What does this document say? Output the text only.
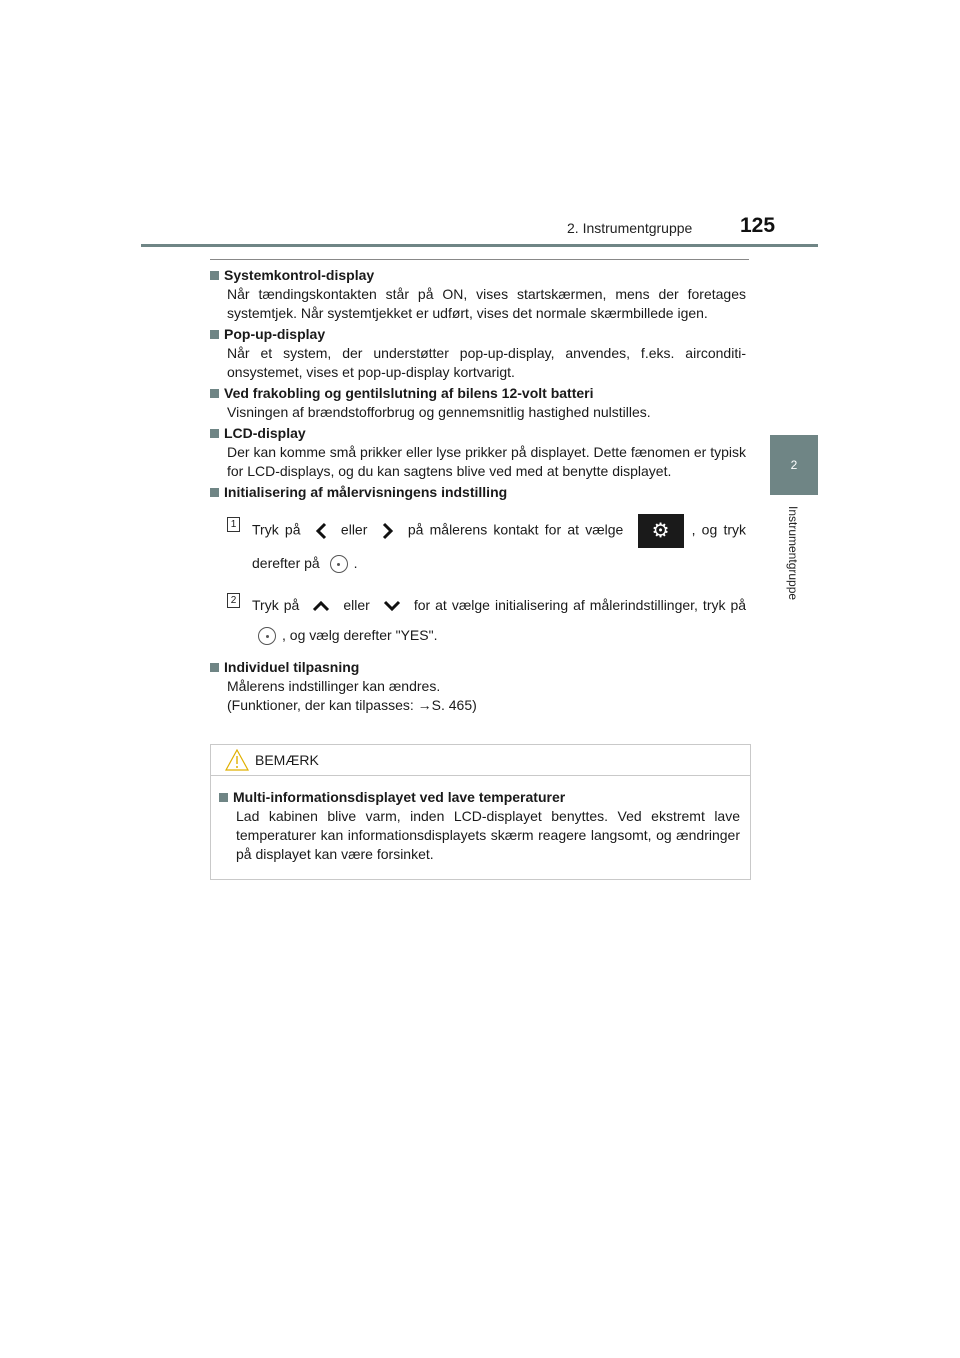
2. Instrumentgruppe 125
2
Instrumentgruppe
Systemkontrol-display
Når tændingskontakten står på ON, vises startskærmen, mens der foretages systemtjek. Når systemtjekket er udført, vises det normale skærmbillede igen.
Pop-up-display
Når et system, der understøtter pop-up-display, anvendes, f.eks. airconditi-onsystemet, vises et pop-up-display kortvarigt.
Ved frakobling og gentilslutning af bilens 12-volt batteri
Visningen af brændstofforbrug og gennemsnitlig hastighed nulstilles.
LCD-display
Der kan komme små prikker eller lyse prikker på displayet. Dette fænomen er typisk for LCD-displays, og du kan sagtens blive ved med at benytte displayet.
Initialisering af målervisningens indstilling
1 Tryk på	eller	på målerens kontakt for at vælge ⚙ , og tryk derefter på .
2 Tryk på	eller	for at vælge initialisering af målerindstillinger, tryk på
, og vælg derefter "YES".
Individuel tilpasning
Målerens indstillinger kan ændres.
(Funktioner, der kan tilpasses: →S. 465)
BEMÆRK
Multi-informationsdisplayet ved lave temperaturer
Lad kabinen blive varm, inden LCD-displayet benyttes. Ved ekstremt lave temperaturer kan informationsdisplayets skærm reagere langsomt, og ændringer på displayet kan være forsinket.
